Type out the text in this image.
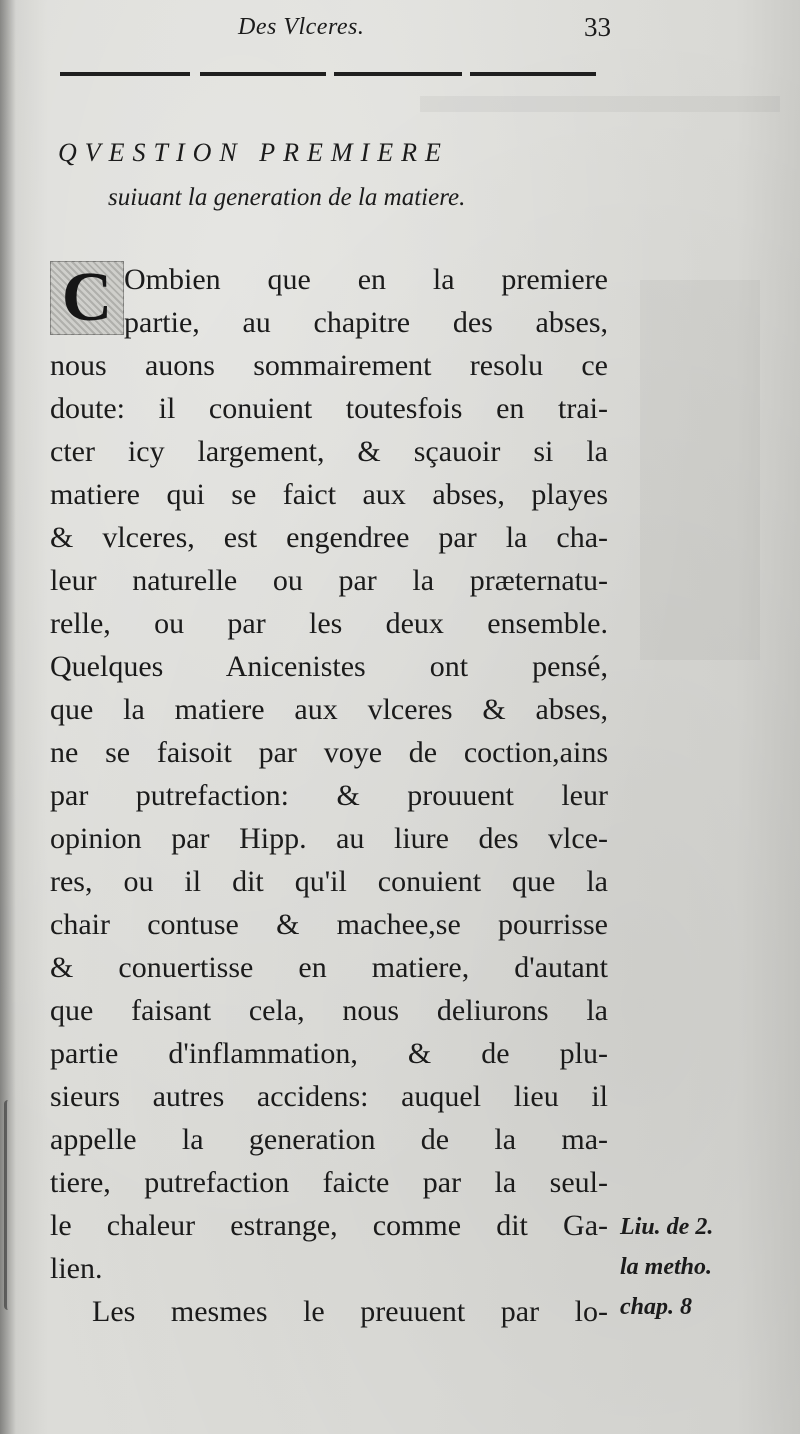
Des Vlceres.	33
QVESTION PREMIERE
suiuant la generation de la matiere.
C Ombien que en la premiere
partie, au chapitre des abses,
nous auons sommairement resolu ce
doute: il conuient toutesfois en trai-
cter icy largement, & sçauoir si la
matiere qui se faict aux abses, playes
& vlceres, est engendree par la cha-
leur naturelle ou par la præternatu-
relle, ou par les deux ensemble.
Quelques Anicenistes ont pensé,
que la matiere aux vlceres & abses,
ne se faisoit par voye de coction,ains
par putrefaction: & prouuent leur
opinion par Hipp. au liure des vlce-
res, ou il dit qu'il conuient que la
chair contuse & machee,se pourrisse
& conuertisse en matiere, d'autant
que faisant cela, nous deliurons la
partie d'inflammation, & de plu-
sieurs autres accidens: auquel lieu il
appelle la generation de la ma-
tiere, putrefaction faicte par la seul-
le chaleur estrange, comme dit Ga-
lien.
Les mesmes le preuuent par lo-
Liu. de 2.
la metho.
chap. 8
